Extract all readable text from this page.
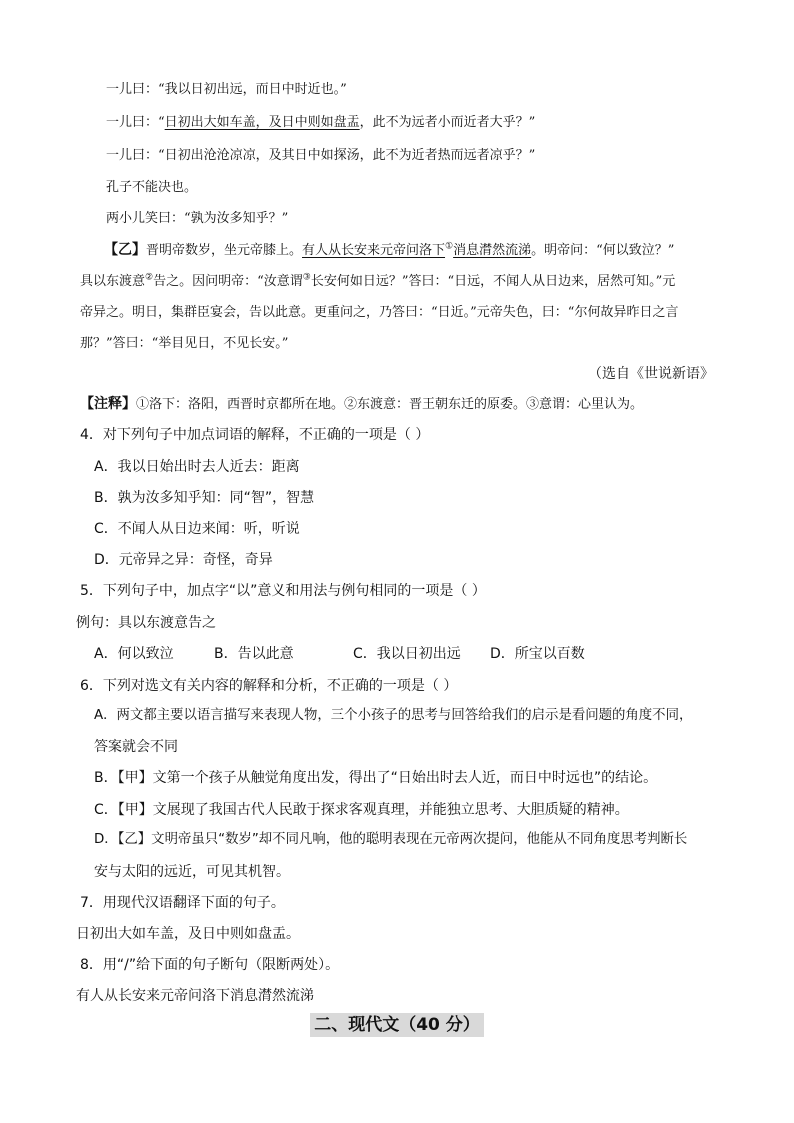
一儿曰：“我以日初出远，而日中时近也。”
一儿曰：“日初出大如车盖，及日中则如盘盂，此不为远者小而近者大乎？”
一儿曰：“日初出沧沧凉凉，及其日中如探汤，此不为近者热而远者凉乎？”
孔子不能决也。
两小儿笑曰：“孰为汝多知乎？”
【乙】晋明帝数岁，坐元帝膝上。有人从长安来元帝问洛下①消息潸然流涕。明帝问：“何以致泣？”
具以东渡意②告之。因问明帝：“汝意谓③长安何如日远？”答曰：“日远，不闻人从日边来，居然可知。”元
帝异之。明日，集群臣宴会，告以此意。更重问之，乃答曰：“日近。”元帝失色，曰：“尔何故异昨日之言
那？”答曰：“举目见日，不见长安。”
（选自《世说新语》
【注释】①洛下：洛阳，西晋时京都所在地。②东渡意：晋王朝东迁的原委。③意谓：心里认为。
4．对下列句子中加点词语的解释，不正确的一项是（ ）
A．我以日始出时去人近去：距离
B．孰为汝多知乎知：同“智”，智慧
C．不闻人从日边来闻：听，听说
D．元帝异之异：奇怪，奇异
5．下列句子中，加点字“以”意义和用法与例句相同的一项是（ ）
例句：具以东渡意告之
A．何以致泣	B．告以此意	C．我以日初出远 D．所宝以百数
6．下列对选文有关内容的解释和分析，不正确的一项是（ ）
A．两文都主要以语言描写来表现人物，三个小孩子的思考与回答给我们的启示是看问题的角度不同，
答案就会不同
B．【甲】文第一个孩子从触觉角度出发，得出了“日始出时去人近，而日中时远也”的结论。
C．【甲】文展现了我国古代人民敢于探求客观真理，并能独立思考、大胆质疑的精神。
D．【乙】文明帝虽只“数岁”却不同凡响，他的聪明表现在元帝两次提问，他能从不同角度思考判断长
安与太阳的远近，可见其机智。
7．用现代汉语翻译下面的句子。
日初出大如车盖，及日中则如盘盂。
8．用“/”给下面的句子断句（限断两处）。
有人从长安来元帝问洛下消息潸然流涕
二、现代文（40 分）
